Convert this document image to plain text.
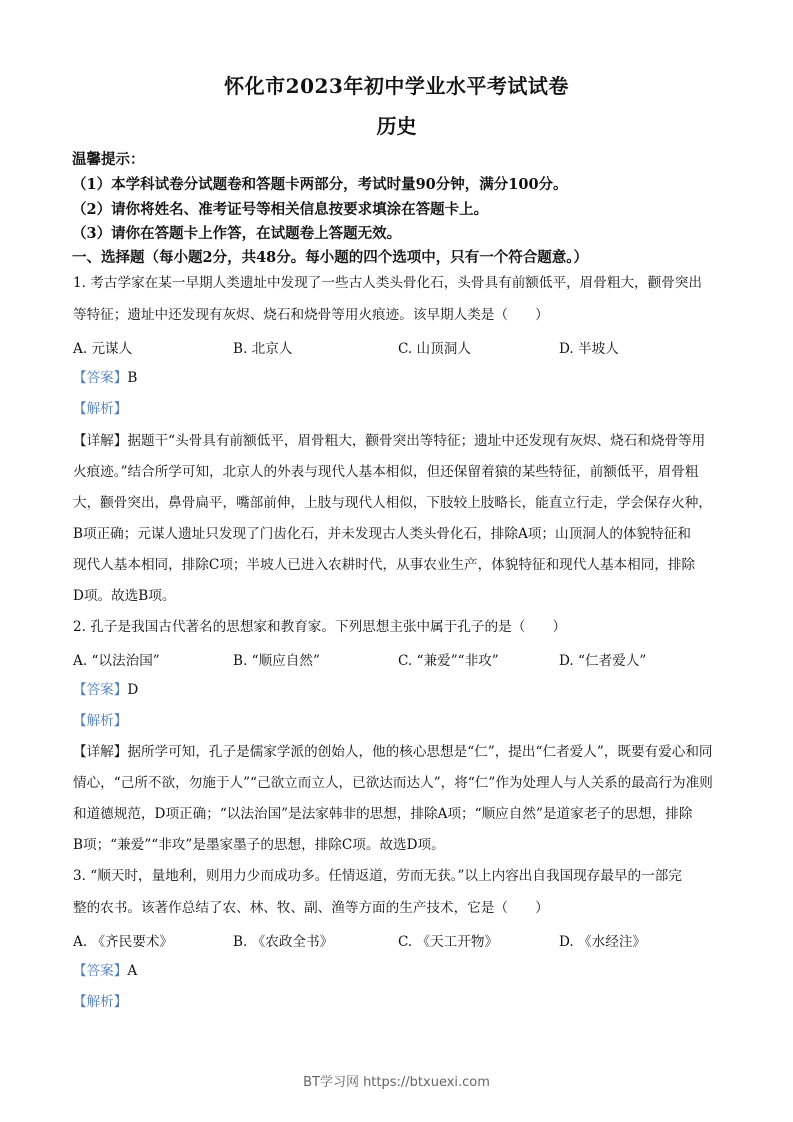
怀化市2023年初中学业水平考试试卷
历史
温馨提示：
（1）本学科试卷分试题卷和答题卡两部分，考试时量90分钟，满分100分。
（2）请你将姓名、准考证号等相关信息按要求填涂在答题卡上。
（3）请你在答题卡上作答，在试题卷上答题无效。
一、选择题（每小题2分，共48分。每小题的四个选项中，只有一个符合题意。）
1. 考古学家在某一早期人类遗址中发现了一些古人类头骨化石，头骨具有前额低平，眉骨粗大，颧骨突出
等特征；遗址中还发现有灰烬、烧石和烧骨等用火痕迹。该早期人类是（　　）
A. 元谋人	B. 北京人	C. 山顶洞人	D. 半坡人
【答案】B
【解析】
【详解】据题干“头骨具有前额低平，眉骨粗大，颧骨突出等特征；遗址中还发现有灰烬、烧石和烧骨等用
火痕迹。”结合所学可知，北京人的外表与现代人基本相似，但还保留着猿的某些特征，前额低平，眉骨粗
大，颧骨突出，鼻骨扁平，嘴部前伸，上肢与现代人相似，下肢较上肢略长，能直立行走，学会保存火种，
B项正确；元谋人遗址只发现了门齿化石，并未发现古人类头骨化石，排除A项；山顶洞人的体貌特征和
现代人基本相同，排除C项；半坡人已进入农耕时代，从事农业生产，体貌特征和现代人基本相同，排除
D项。故选B项。
2. 孔子是我国古代著名的思想家和教育家。下列思想主张中属于孔子的是（　　）
A. “以法治国”	B. “顺应自然”	C. “兼爱”“非攻”	D. “仁者爱人”
【答案】D
【解析】
【详解】据所学可知，孔子是儒家学派的创始人，他的核心思想是“仁”，提出“仁者爱人”，既要有爱心和同
情心，“己所不欲，勿施于人”“己欲立而立人，已欲达而达人”，将“仁”作为处理人与人关系的最高行为准则
和道德规范，D项正确；“以法治国”是法家韩非的思想，排除A项；“顺应自然”是道家老子的思想，排除
B项；“兼爱”“非攻”是墨家墨子的思想，排除C项。故选D项。
3. “顺天时，量地利，则用力少而成功多。任情返道，劳而无获。”以上内容出自我国现存最早的一部完
整的农书。该著作总结了农、林、牧、副、渔等方面的生产技术，它是（　　）
A. 《齐民要术》	B. 《农政全书》	C. 《天工开物》	D. 《水经注》
【答案】A
【解析】
BT学习网 https://btxuexi.com
